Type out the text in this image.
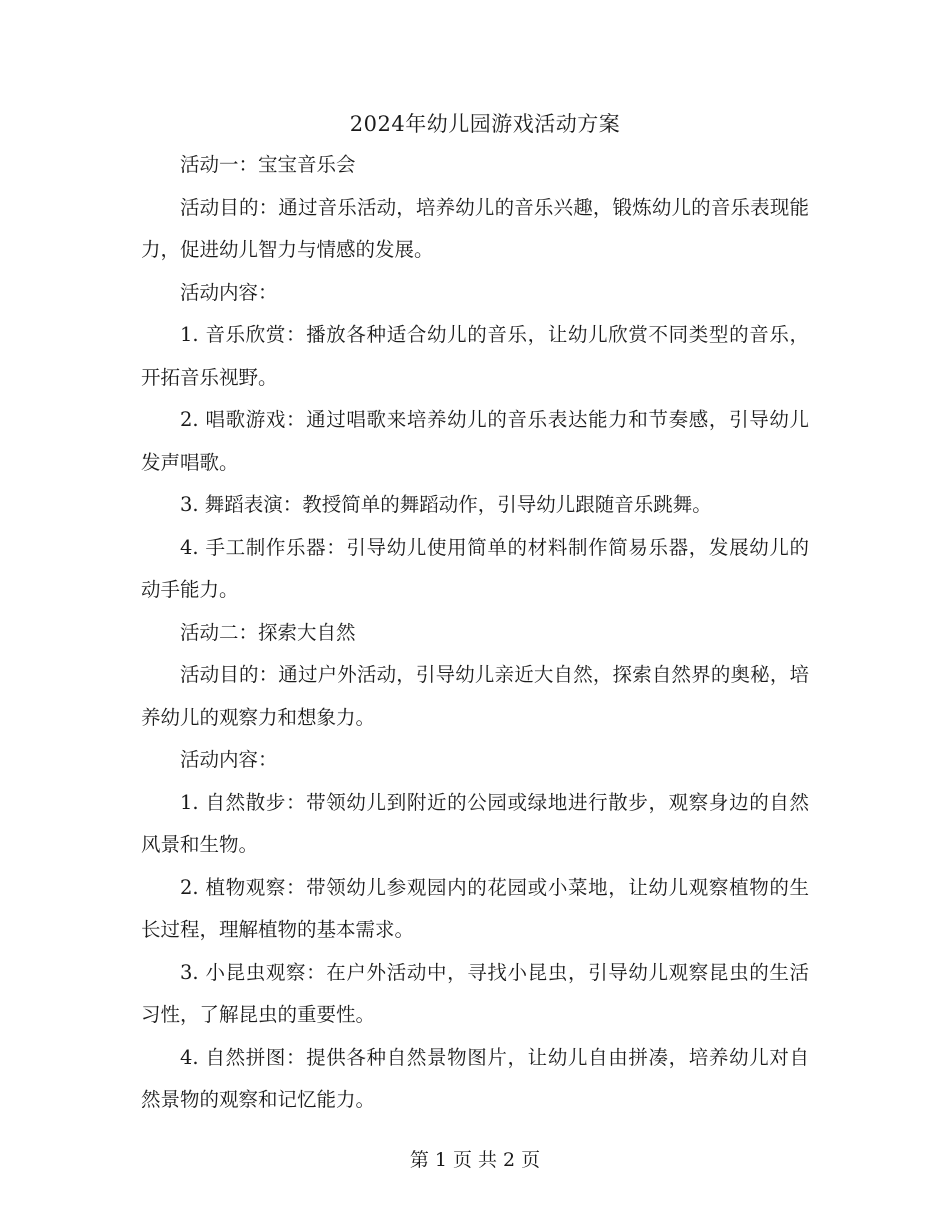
2024年幼儿园游戏活动方案

活动一：宝宝音乐会

活动目的：通过音乐活动，培养幼儿的音乐兴趣，锻炼幼儿的音乐表现能力，促进幼儿智力与情感的发展。

活动内容：

1. 音乐欣赏：播放各种适合幼儿的音乐，让幼儿欣赏不同类型的音乐，开拓音乐视野。

2. 唱歌游戏：通过唱歌来培养幼儿的音乐表达能力和节奏感，引导幼儿发声唱歌。

3. 舞蹈表演：教授简单的舞蹈动作，引导幼儿跟随音乐跳舞。

4. 手工制作乐器：引导幼儿使用简单的材料制作简易乐器，发展幼儿的动手能力。

活动二：探索大自然

活动目的：通过户外活动，引导幼儿亲近大自然，探索自然界的奥秘，培养幼儿的观察力和想象力。

活动内容：

1. 自然散步：带领幼儿到附近的公园或绿地进行散步，观察身边的自然风景和生物。

2. 植物观察：带领幼儿参观园内的花园或小菜地，让幼儿观察植物的生长过程，理解植物的基本需求。

3. 小昆虫观察：在户外活动中，寻找小昆虫，引导幼儿观察昆虫的生活习性，了解昆虫的重要性。

4. 自然拼图：提供各种自然景物图片，让幼儿自由拼凑，培养幼儿对自然景物的观察和记忆能力。

第 1 页 共 2 页
